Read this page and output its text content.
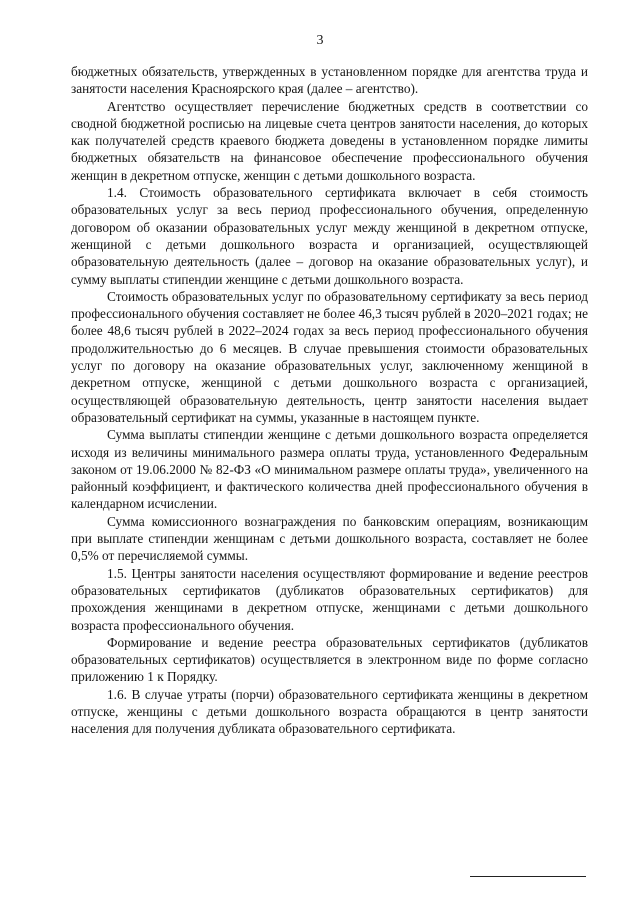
3

бюджетных обязательств, утвержденных в установленном порядке для агентства труда и занятости населения Красноярского края (далее – агентство).

Агентство осуществляет перечисление бюджетных средств в соответствии со сводной бюджетной росписью на лицевые счета центров занятости населения, до которых как получателей средств краевого бюджета доведены в установленном порядке лимиты бюджетных обязательств на финансовое обеспечение профессионального обучения женщин в декретном отпуске, женщин с детьми дошкольного возраста.

1.4. Стоимость образовательного сертификата включает в себя стоимость образовательных услуг за весь период профессионального обучения, определенную договором об оказании образовательных услуг между женщиной в декретном отпуске, женщиной с детьми дошкольного возраста и организацией, осуществляющей образовательную деятельность (далее – договор на оказание образовательных услуг), и сумму выплаты стипендии женщине с детьми дошкольного возраста.

Стоимость образовательных услуг по образовательному сертификату за весь период профессионального обучения составляет не более 46,3 тысяч рублей в 2020–2021 годах; не более 48,6 тысяч рублей в 2022–2024 годах за весь период профессионального обучения продолжительностью до 6 месяцев. В случае превышения стоимости образовательных услуг по договору на оказание образовательных услуг, заключенному женщиной в декретном отпуске, женщиной с детьми дошкольного возраста с организацией, осуществляющей образовательную деятельность, центр занятости населения выдает образовательный сертификат на суммы, указанные в настоящем пункте.

Сумма выплаты стипендии женщине с детьми дошкольного возраста определяется исходя из величины минимального размера оплаты труда, установленного Федеральным законом от 19.06.2000 № 82-ФЗ «О минимальном размере оплаты труда», увеличенного на районный коэффициент, и фактического количества дней профессионального обучения в календарном исчислении.

Сумма комиссионного вознаграждения по банковским операциям, возникающим при выплате стипендии женщинам с детьми дошкольного возраста, составляет не более 0,5% от перечисляемой суммы.

1.5. Центры занятости населения осуществляют формирование и ведение реестров образовательных сертификатов (дубликатов образовательных сертификатов) для прохождения женщинами в декретном отпуске, женщинами с детьми дошкольного возраста профессионального обучения.

Формирование и ведение реестра образовательных сертификатов (дубликатов образовательных сертификатов) осуществляется в электронном виде по форме согласно приложению 1 к Порядку.

1.6. В случае утраты (порчи) образовательного сертификата женщины в декретном отпуске, женщины с детьми дошкольного возраста обращаются в центр занятости населения для получения дубликата образовательного сертификата.
